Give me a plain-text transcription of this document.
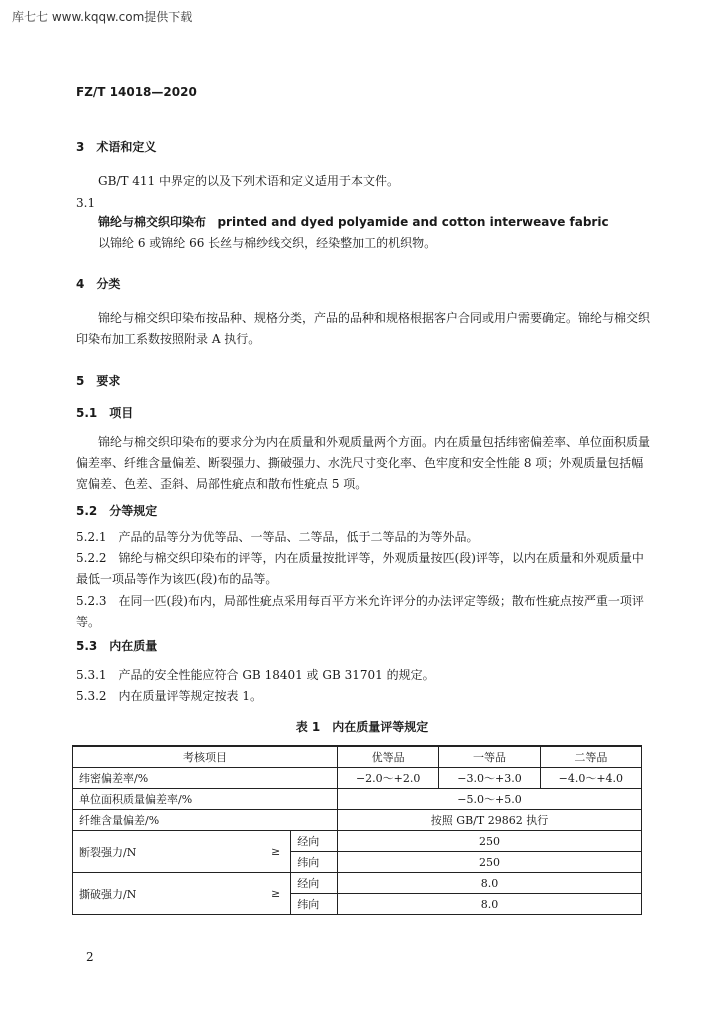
库七七 www.kqqw.com提供下载
FZ/T 14018—2020
3　术语和定义
GB/T 411 中界定的以及下列术语和定义适用于本文件。
3.1
锦纶与棉交织印染布 printed and dyed polyamide and cotton interweave fabric
以锦纶 6 或锦纶 66 长丝与棉纱线交织，经染整加工的机织物。
4　分类
锦纶与棉交织印染布按品种、规格分类，产品的品种和规格根据客户合同或用户需要确定。锦纶与棉交织印染布加工系数按照附录 A 执行。
5　要求
5.1　项目
锦纶与棉交织印染布的要求分为内在质量和外观质量两个方面。内在质量包括纬密偏差率、单位面积质量偏差率、纤维含量偏差、断裂强力、撕破强力、水洗尺寸变化率、色牢度和安全性能 8 项；外观质量包括幅宽偏差、色差、歪斜、局部性疵点和散布性疵点 5 项。
5.2　分等规定
5.2.1　产品的品等分为优等品、一等品、二等品，低于二等品的为等外品。
5.2.2　锦纶与棉交织印染布的评等，内在质量按批评等，外观质量按匹(段)评等，以内在质量和外观质量中最低一项品等作为该匹(段)布的品等。
5.2.3　在同一匹(段)布内，局部性疵点采用每百平方米允许评分的办法评定等级；散布性疵点按严重一项评等。
5.3　内在质量
5.3.1　产品的安全性能应符合 GB 18401 或 GB 31701 的规定。
5.3.2　内在质量评等规定按表 1。
表 1　内在质量评等规定
考核项目			优等品	一等品	二等品
纬密偏差率/%			−2.0～+2.0	−3.0～+3.0	−4.0～+4.0
单位面积质量偏差率/%			−5.0～+5.0		
纤维含量偏差/%			按照 GB/T 29862 执行		
断裂强力/N	≥	经向	250		
		纬向	250		
撕破强力/N	≥	经向	8.0		
		纬向	8.0		
2
